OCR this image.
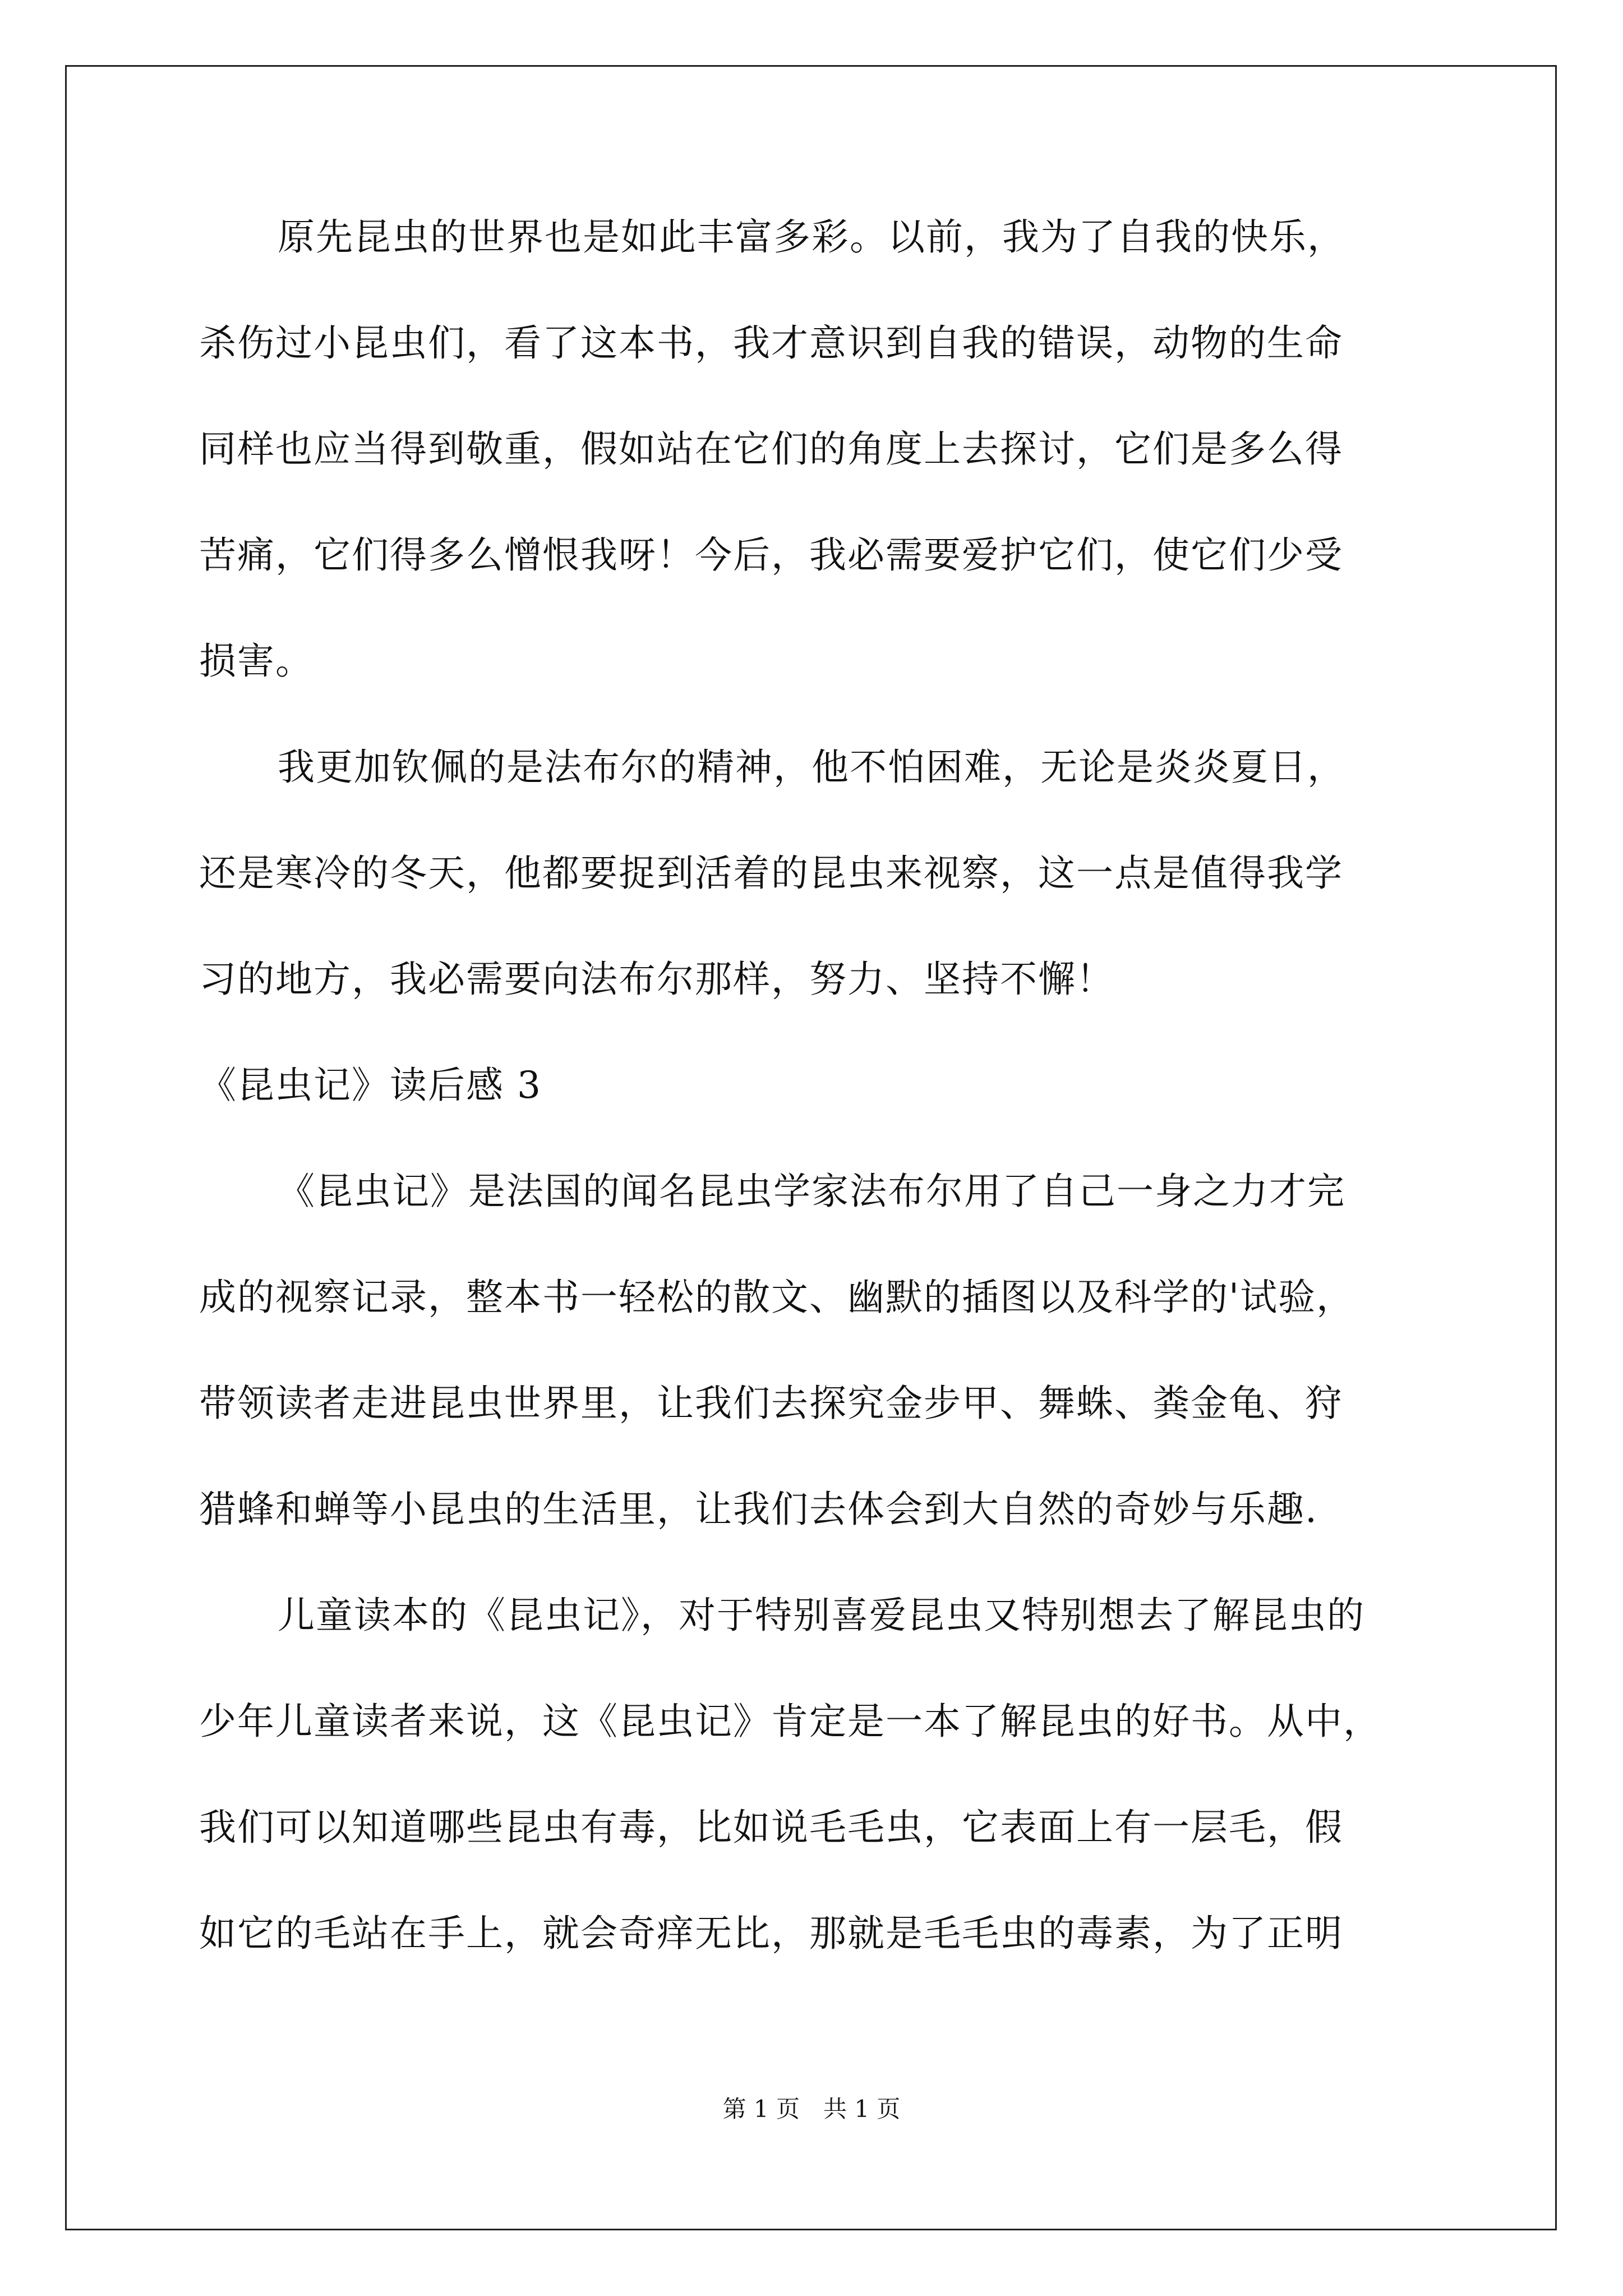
原先昆虫的世界也是如此丰富多彩。以前，我为了自我的快乐，
杀伤过小昆虫们，看了这本书，我才意识到自我的错误，动物的生命
同样也应当得到敬重，假如站在它们的角度上去探讨，它们是多么得
苦痛，它们得多么憎恨我呀！今后，我必需要爱护它们，使它们少受
损害。
我更加钦佩的是法布尔的精神，他不怕困难，无论是炎炎夏日，
还是寒冷的冬天，他都要捉到活着的昆虫来视察，这一点是值得我学
习的地方，我必需要向法布尔那样，努力、坚持不懈！
《昆虫记》读后感 3
《昆虫记》是法国的闻名昆虫学家法布尔用了自己一身之力才完
成的视察记录，整本书一轻松的散文、幽默的插图以及科学的'试验，
带领读者走进昆虫世界里，让我们去探究金步甲、舞蛛、粪金龟、狩
猎蜂和蝉等小昆虫的生活里，让我们去体会到大自然的奇妙与乐趣.
儿童读本的《昆虫记》，对于特别喜爱昆虫又特别想去了解昆虫的
少年儿童读者来说，这《昆虫记》肯定是一本了解昆虫的好书。从中，
我们可以知道哪些昆虫有毒，比如说毛毛虫，它表面上有一层毛，假
如它的毛站在手上，就会奇痒无比，那就是毛毛虫的毒素，为了正明
第 1 页　共 1 页
